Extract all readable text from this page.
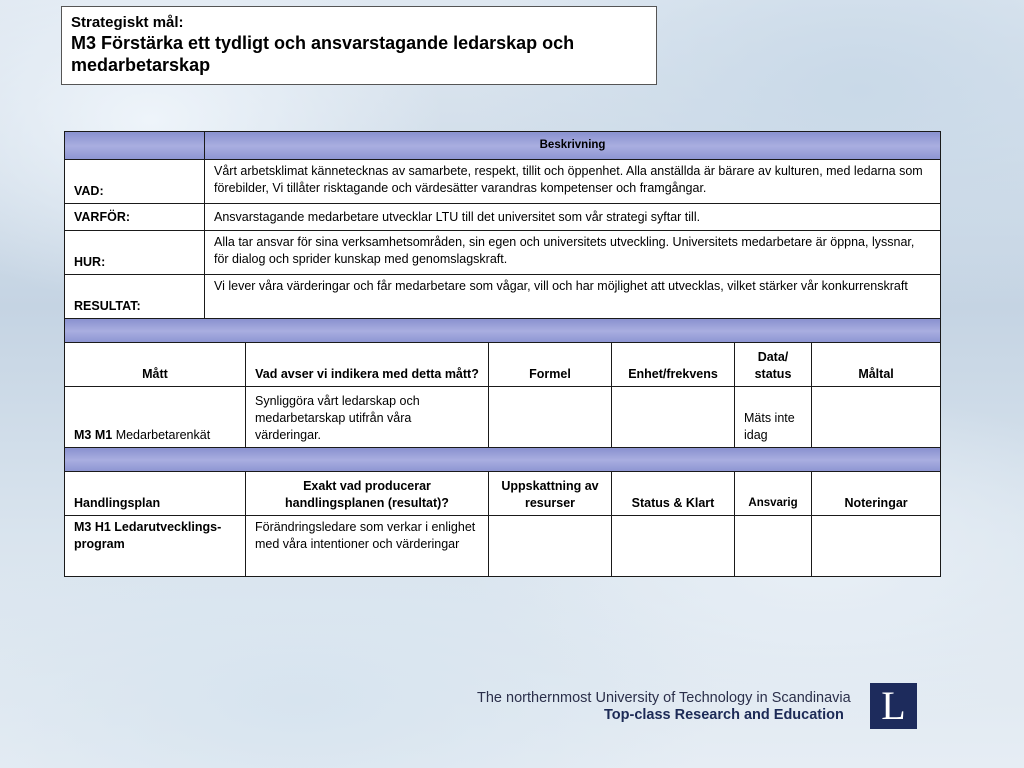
Strategiskt mål:
M3 Förstärka ett tydligt och ansvarstagande ledarskap och medarbetarskap
	Beskrivning					
VAD:	Vårt arbetsklimat kännetecknas av samarbete, respekt, tillit och öppenhet. Alla anställda är bärare av kulturen, med ledarna som förebilder, Vi tillåter risktagande och värdesätter varandras kompetenser och framgångar.					
VARFÖR:	Ansvarstagande medarbetare utvecklar LTU till det universitet som vår strategi syftar till.					
HUR:	Alla tar ansvar för sina verksamhetsområden, sin egen och universitets utveckling. Universitets medarbetare är öppna, lyssnar, för dialog och sprider kunskap med genomslagskraft.					
RESULTAT:	Vi lever våra värderingar och får medarbetare som vågar, vill och har möjlighet att utvecklas, vilket stärker vår konkurrenskraft					

Mått		Vad avser vi indikera med detta mått?	Formel	Enhet/frekvens	Data/ status	Måltal
M3 M1 Medarbetarenkät		Synliggöra vårt ledarskap och medarbetarskap utifrån våra värderingar.			Mäts inte idag	

Handlingsplan		Exakt vad producerar handlingsplanen (resultat)?	Uppskattning av resurser	Status & Klart	Ansvarig	Noteringar
M3 H1 Ledarutvecklings-program		Förändringsledare som verkar i enlighet med våra intentioner och värderingar				
The northernmost University of Technology in Scandinavia
Top-class Research and Education L
